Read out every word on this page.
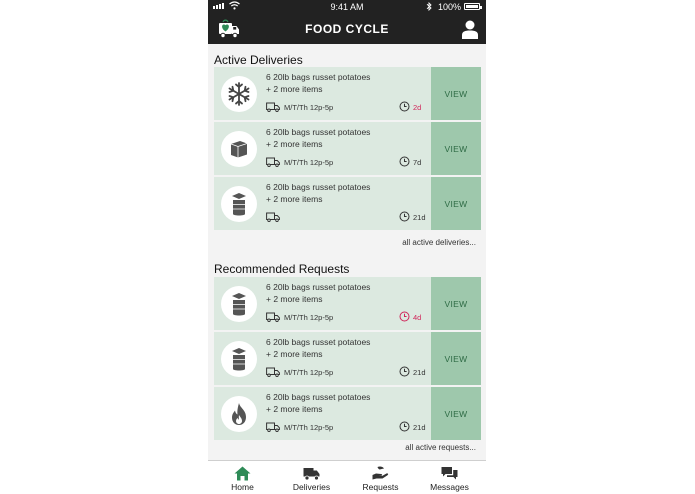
9:41 AM	100%
FOOD CYCLE
Active Deliveries
6 20lb bags russet potatoes
+ 2 more items
M/T/Th 12p-5p	2d
VIEW
6 20lb bags russet potatoes
+ 2 more items
M/T/Th 12p-5p	7d
VIEW
6 20lb bags russet potatoes
+ 2 more items
21d
VIEW
all active deliveries...
Recommended Requests
6 20lb bags russet potatoes
+ 2 more items
M/T/Th 12p-5p	4d
VIEW
6 20lb bags russet potatoes
+ 2 more items
M/T/Th 12p-5p	21d
VIEW
6 20lb bags russet potatoes
+ 2 more items
M/T/Th 12p-5p	21d
VIEW
all active requests...
Home	Deliveries	Requests	Messages
